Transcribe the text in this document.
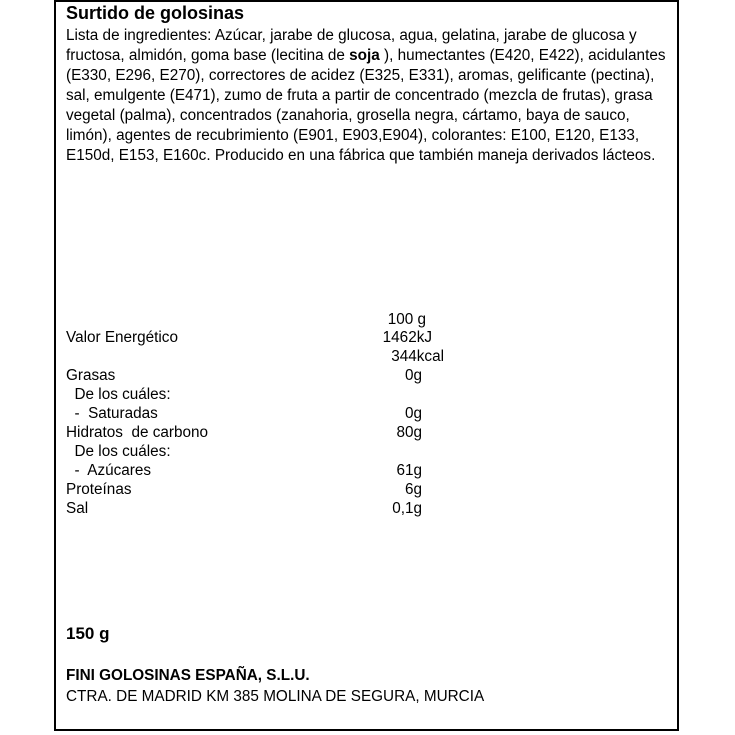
Surtido de golosinas
Lista de ingredientes: Azúcar, jarabe de glucosa, agua, gelatina, jarabe de glucosa y fructosa, almidón, goma base (lecitina de soja ), humectantes (E420, E422), acidulantes (E330, E296, E270), correctores de acidez (E325, E331), aromas, gelificante (pectina), sal, emulgente (E471), zumo de fruta a partir de concentrado (mezcla de frutas), grasa vegetal (palma), concentrados (zanahoria, grosella negra, cártamo, baya de sauco, limón), agentes de recubrimiento (E901, E903,E904), colorantes: E100, E120, E133, E150d, E153, E160c. Producido en una fábrica que también maneja derivados lácteos.
100 g
Valor Energético	1462kJ
344kcal
Grasas	0g
De los cuáles:
-  Saturadas	0g
Hidratos  de carbono	80g
De los cuáles:
-  Azúcares	61g
Proteínas	6g
Sal	0,1g
150 g
FINI GOLOSINAS ESPAÑA, S.L.U.
CTRA. DE MADRID KM 385 MOLINA DE SEGURA, MURCIA
